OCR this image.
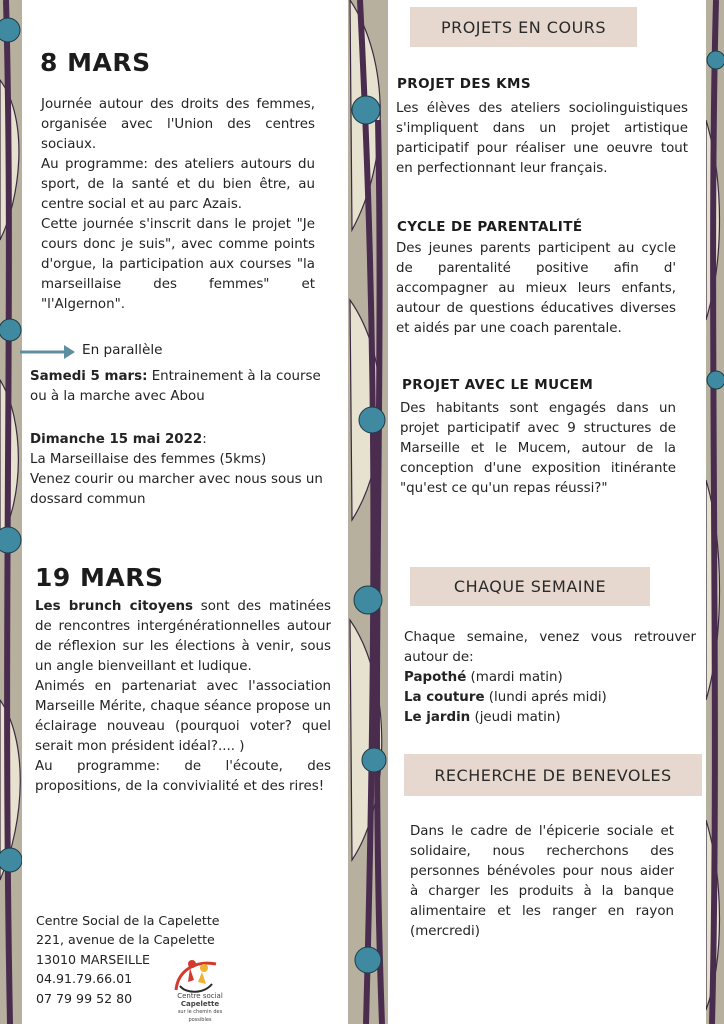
8 MARS

Journée autour des droits des femmes, organisée avec l'Union des centres sociaux.

Au programme: des ateliers autours du sport, de la santé et du bien être, au centre social et au parc Azais.

Cette journée s'inscrit dans le projet "Je cours donc je suis", avec comme points d'orgue, la participation aux courses "la marseillaise des femmes" et "l'Algernon".

En parallèle

Samedi 5 mars: Entrainement à la course ou à la marche avec Abou

Dimanche 15 mai 2022:

La Marseillaise des femmes (5kms)

Venez courir ou marcher avec nous sous un dossard commun

19 MARS

Les brunch citoyens sont des matinées de rencontres intergénérationnelles autour de réflexion sur les élections à venir, sous un angle bienveillant et ludique.

Animés en partenariat avec l'association Marseille Mérite, chaque séance propose un éclairage nouveau (pourquoi voter? quel serait mon président idéal?.... )

Au programme: de l'écoute, des propositions, de la convivialité et des rires!

Centre Social de la Capelette
221, avenue de la Capelette
13010 MARSEILLE
04.91.79.66.01
07 79 99 52 80	Centre social
Capelette
sur le chemin des possibles
PROJETS EN COURS
PROJET DES KMS
Les élèves des ateliers sociolinguistiques s'impliquent dans un projet artistique participatif pour réaliser une oeuvre tout en perfectionnant leur français.
CYCLE DE PARENTALITÉ
Des jeunes parents participent au cycle de parentalité positive afin d' accompagner au mieux leurs enfants, autour de questions éducatives diverses et aidés par une coach parentale.
PROJET AVEC LE MUCEM
Des habitants sont engagés dans un projet participatif avec 9 structures de Marseille et le Mucem, autour de la conception d'une exposition itinérante "qu'est ce qu'un repas réussi?"
CHAQUE SEMAINE
Chaque semaine, venez vous retrouver autour de:

Papothé (mardi matin)

La couture (lundi aprés midi)

Le jardin (jeudi matin)

RECHERCHE DE BENEVOLES
Dans le cadre de l'épicerie sociale et solidaire, nous recherchons des personnes bénévoles pour nous aider à charger les produits à la banque alimentaire et les ranger en rayon (mercredi)
